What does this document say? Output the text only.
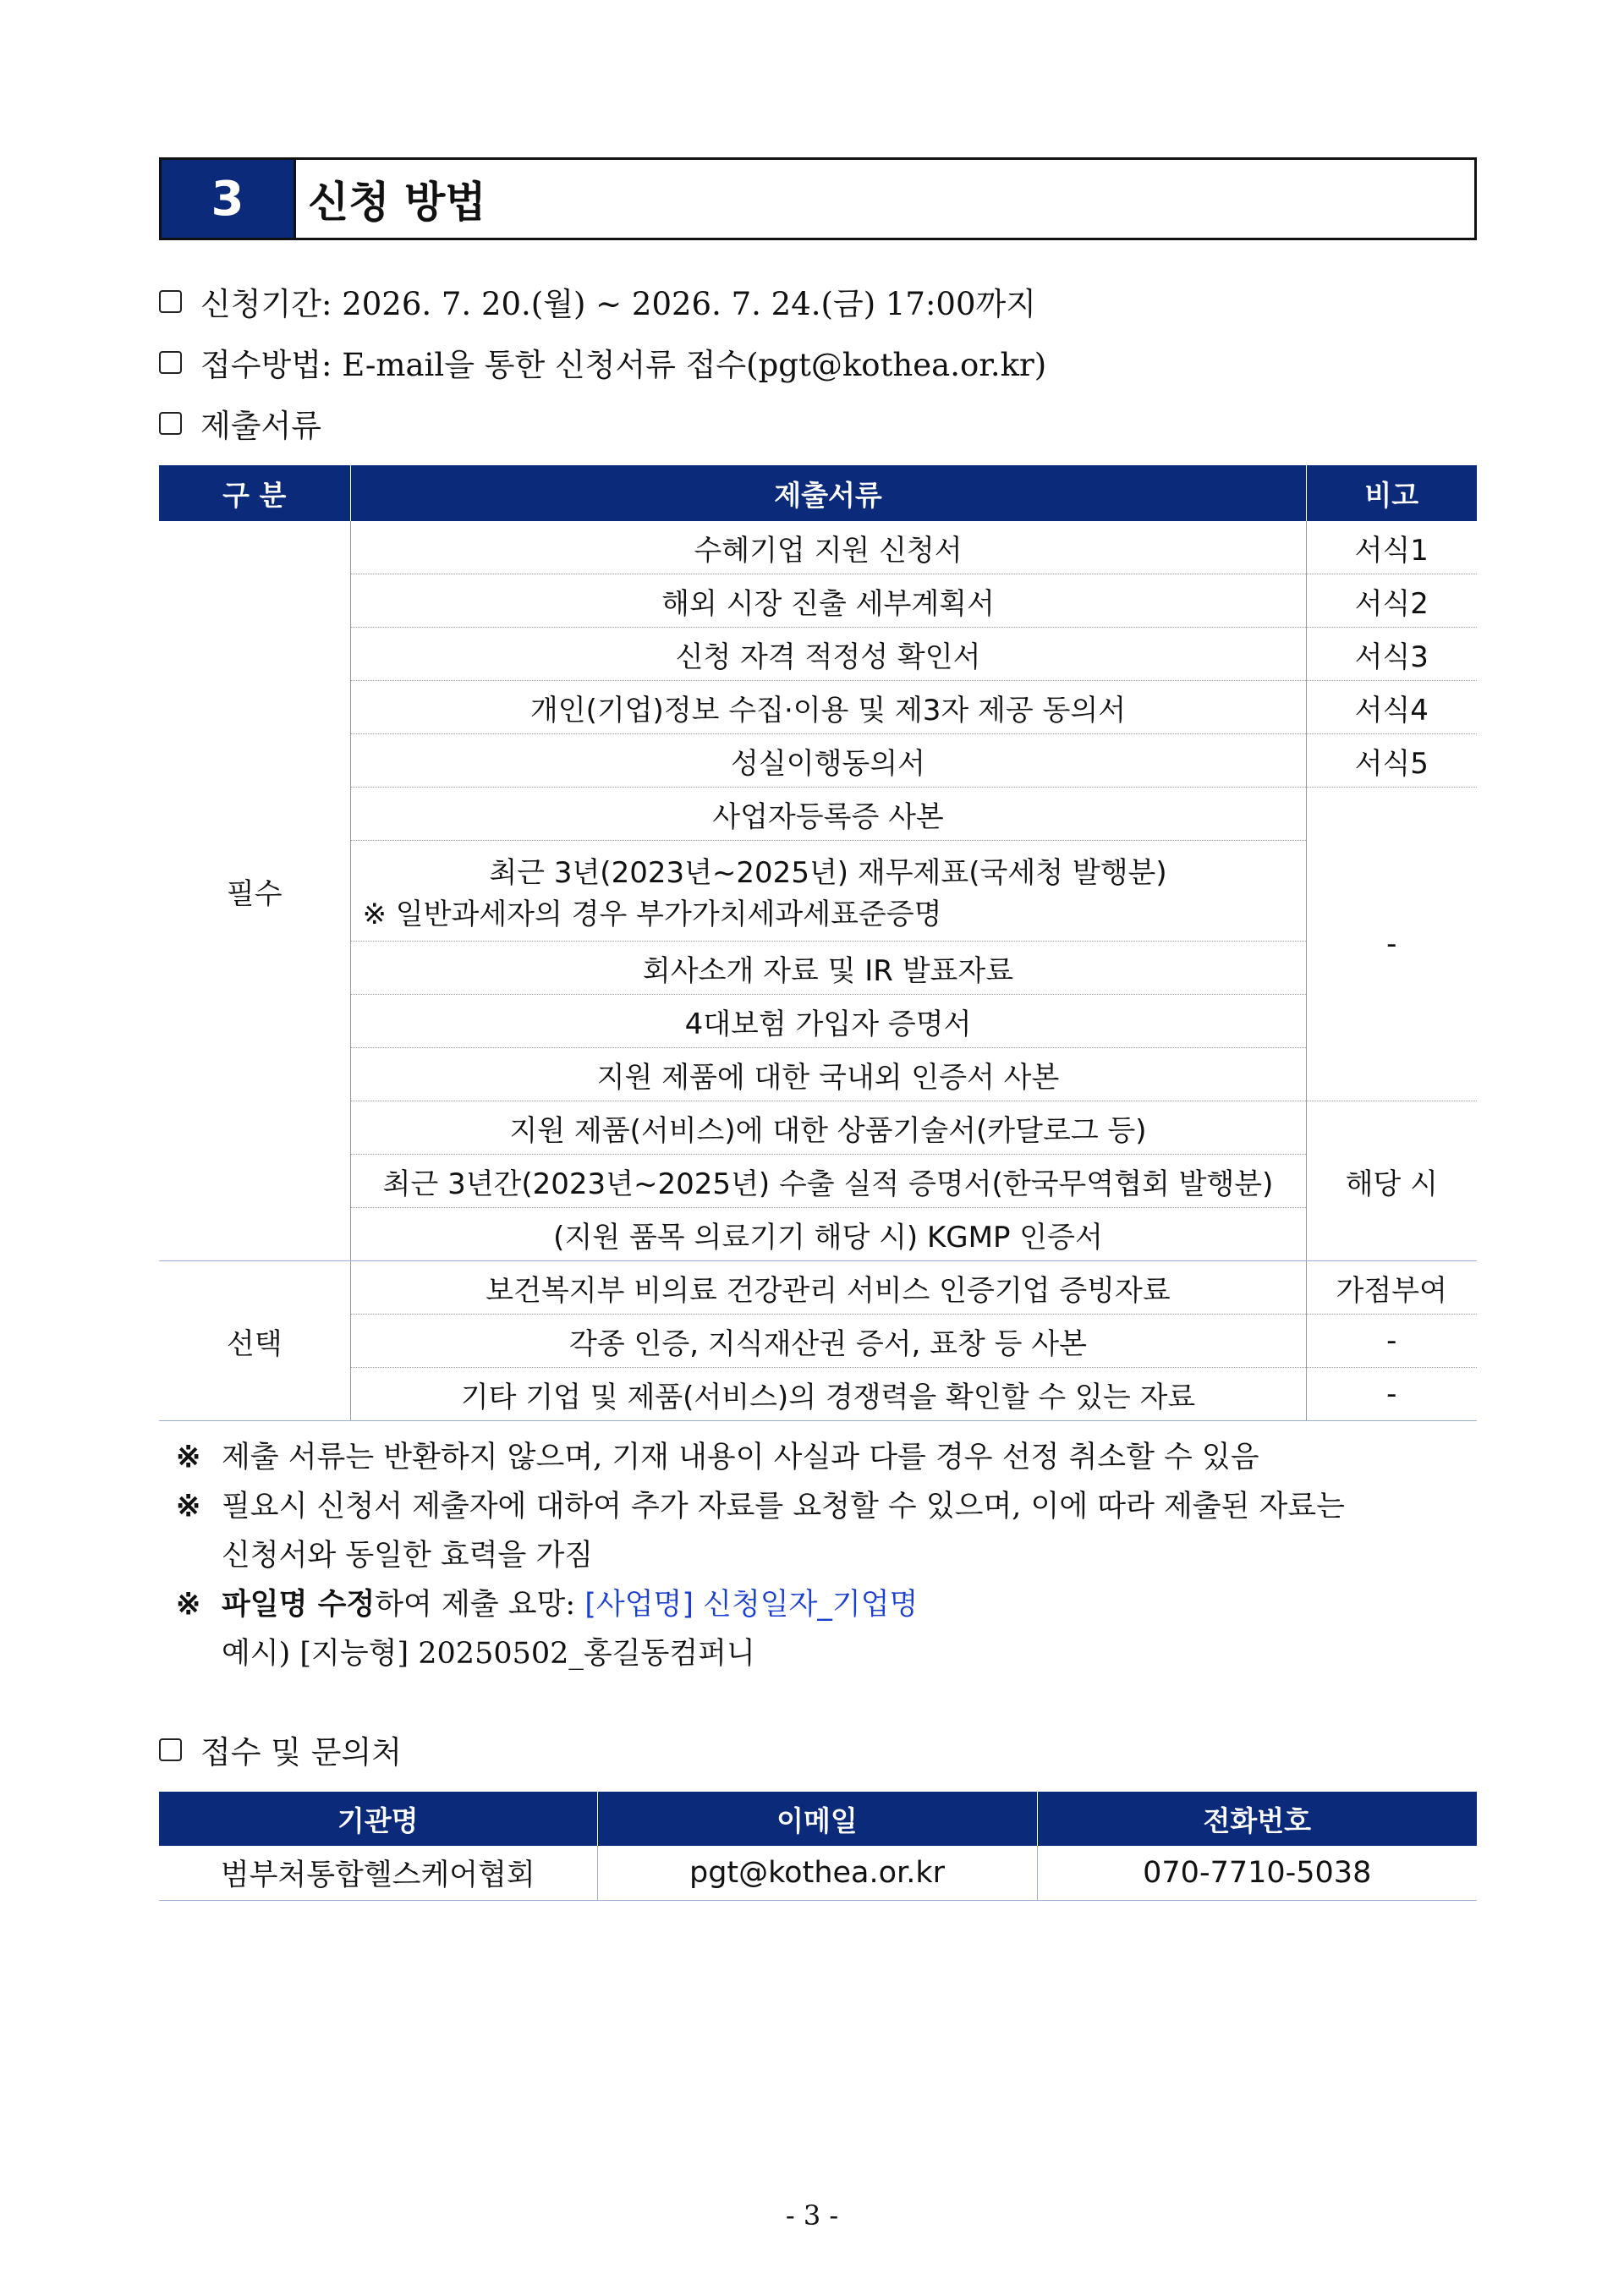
3	신청 방법
신청기간: 2026. 7. 20.(월) ~ 2026. 7. 24.(금) 17:00까지
접수방법: E-mail을 통한 신청서류 접수(pgt@kothea.or.kr)
제출서류
구 분	제출서류	비고
필수	수혜기업 지원 신청서	서식1
	해외 시장 진출 세부계획서	서식2
	신청 자격 적정성 확인서	서식3
	개인(기업)정보 수집·이용 및 제3자 제공 동의서	서식4
	성실이행동의서	서식5
	사업자등록증 사본	-

	최근 3년(2023년~2025년) 재무제표(국세청 발행분)
※ 일반과세자의 경우 부가가치세과세표준증명	

	회사소개 자료 및 IR 발표자료	
	4대보험 가입자 증명서	
	지원 제품에 대한 국내외 인증서 사본	
	지원 제품(서비스)에 대한 상품기술서(카달로그 등)	해당 시
	최근 3년간(2023년~2025년) 수출 실적 증명서(한국무역협회 발행분)	
	(지원 품목 의료기기 해당 시) KGMP 인증서	
선택	보건복지부 비의료 건강관리 서비스 인증기업 증빙자료	가점부여
	각종 인증, 지식재산권 증서, 표창 등 사본	-
	기타 기업 및 제품(서비스)의 경쟁력을 확인할 수 있는 자료	-
※ 제출 서류는 반환하지 않으며, 기재 내용이 사실과 다를 경우 선정 취소할 수 있음
※ 필요시 신청서 제출자에 대하여 추가 자료를 요청할 수 있으며, 이에 따라 제출된 자료는
신청서와 동일한 효력을 가짐
※ 파일명 수정하여 제출 요망: [사업명] 신청일자_기업명
예시) [지능형] 20250502_홍길동컴퍼니
접수 및 문의처
기관명	이메일	전화번호
범부처통합헬스케어협회	pgt@kothea.or.kr	070-7710-5038
- 3 -
